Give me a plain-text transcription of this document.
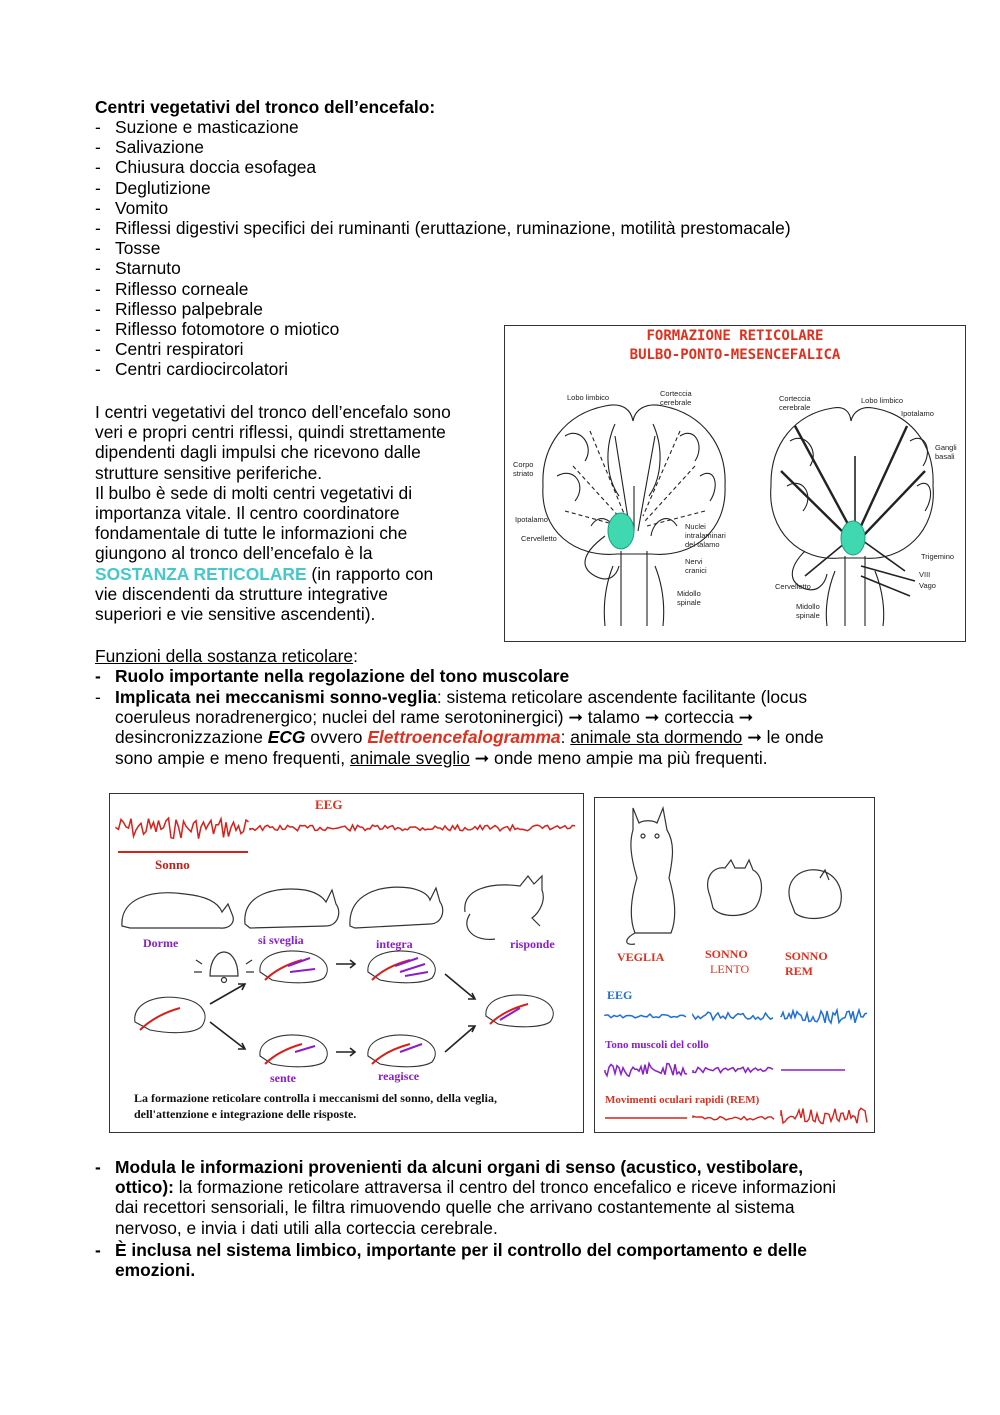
Centri vegetativi del tronco dell’encefalo:
- Suzione e masticazione
- Salivazione
- Chiusura doccia esofagea
- Deglutizione
- Vomito
- Riflessi digestivi specifici dei ruminanti (eruttazione, ruminazione, motilità prestomacale)
- Tosse
- Starnuto
- Riflesso corneale
- Riflesso palpebrale
- Riflesso fotomotore o miotico
- Centri respiratori
- Centri cardiocircolatori
I centri vegetativi del tronco dell’encefalo sono
veri e propri centri riflessi, quindi strettamente
dipendenti dagli impulsi che ricevono dalle
strutture sensitive periferiche.
Il bulbo è sede di molti centri vegetativi di
importanza vitale. Il centro coordinatore
fondamentale di tutte le informazioni che
giungono al tronco dell’encefalo è la
SOSTANZA RETICOLARE (in rapporto con
vie discendenti da strutture integrative
superiori e vie sensitive ascendenti).
FORMAZIONE RETICOLARE
BULBO-PONTO-MESENCEFALICA
Lobo limbico	Corteccia
cerebrale
Corpo
striato
Ipotalamo
Cervelletto
Nuclei
intralaminari
del talamo
Nervi
cranici
Midollo
spinale
Corteccia
cerebrale
Lobo limbico
Ipotalamo
Gangli
basali
Trigemino
VIII
Vago
Cervelletto
Midollo
spinale
Funzioni della sostanza reticolare:
- Ruolo importante nella regolazione del tono muscolare
- Implicata nei meccanismi sonno-veglia: sistema reticolare ascendente facilitante (locus
coeruleus noradrenergico; nuclei del rame serotoninergici) ➞ talamo ➞ corteccia ➞
desincronizzazione ECG ovvero Elettroencefalogramma: animale sta dormendo ➞ le onde
sono ampie e meno frequenti, animale sveglio ➞ onde meno ampie ma più frequenti.
EEG
Sonno
Dorme	si sveglia	integra	risponde
sente	reagisce
La formazione reticolare controlla i meccanismi del sonno, della veglia,
dell'attenzione e integrazione delle risposte.
VEGLIA	SONNO
LENTO
SONNO
REM
EEG
Tono muscoli del collo
Movimenti oculari rapidi (REM)
- Modula le informazioni provenienti da alcuni organi di senso (acustico, vestibolare,
ottico): la formazione reticolare attraversa il centro del tronco encefalico e riceve informazioni
dai recettori sensoriali, le filtra rimuovendo quelle che arrivano costantemente al sistema
nervoso, e invia i dati utili alla corteccia cerebrale.
- È inclusa nel sistema limbico, importante per il controllo del comportamento e delle
emozioni.
